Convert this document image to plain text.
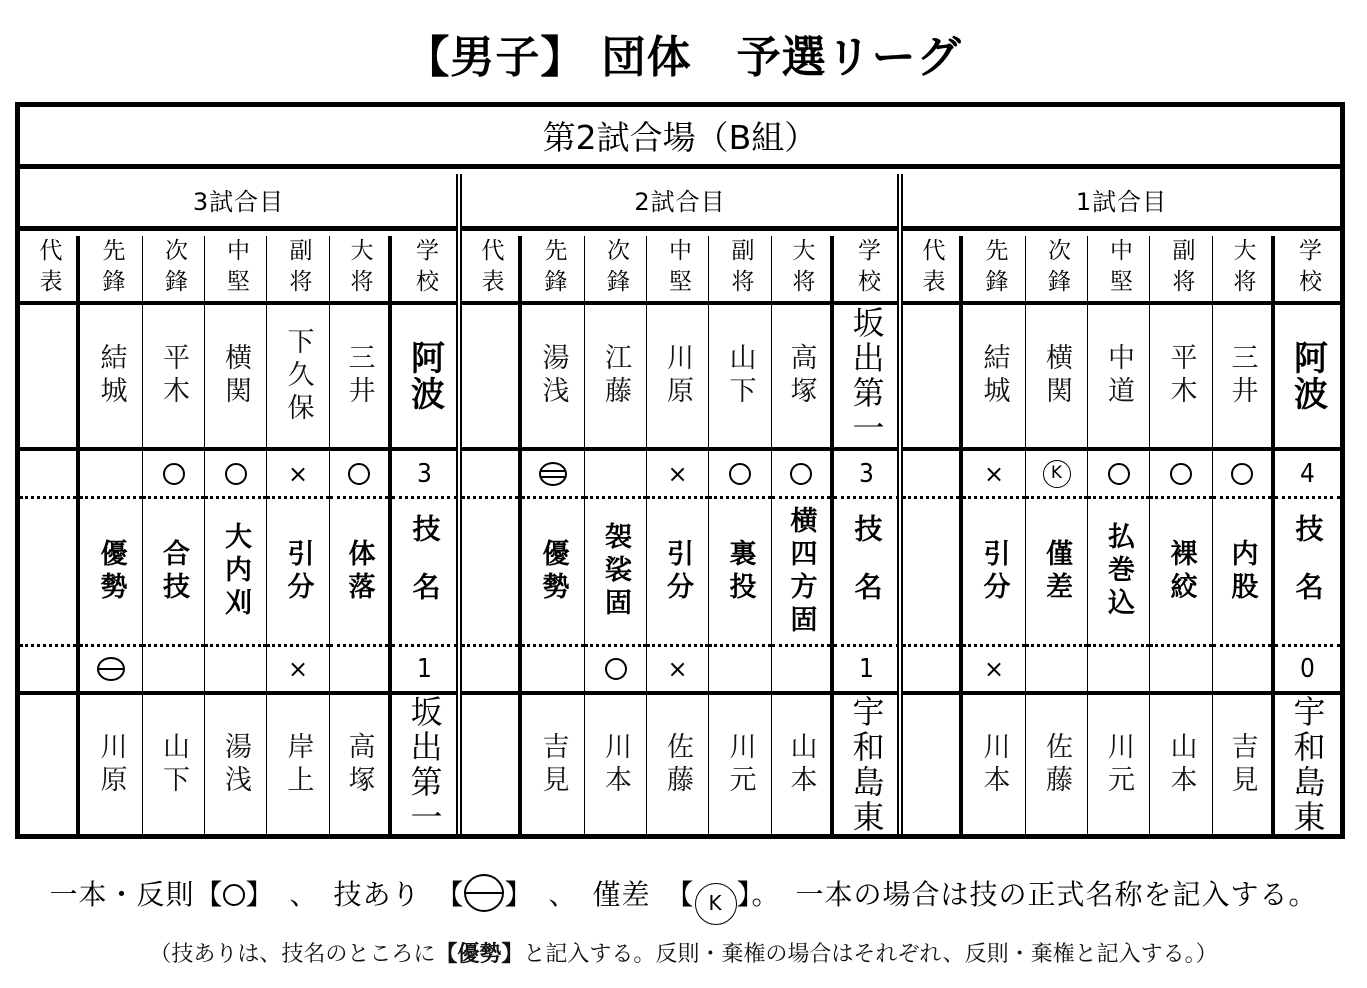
【男子】 団体　予選リーグ
第2試合場（B組）
3試合目
代表 先鋒
結城
優勢
川原
次鋒
平木
合技
山下
中堅
横関
大内刈
湯浅
副将
下久保
×
引分
×
岸上
大将
三井
体落
高塚
学校
阿波
3
技名
1
坂出第一
2試合目
代表 先鋒
湯浅
優勢
吉見
次鋒
江藤
袈裟固
川本
中堅
川原
×
引分
×
佐藤
副将
山下
裏投
川元
大将
高塚
横四方固
山本
学校
坂出第一
3
技名
1
宇和島東
1試合目
代表 先鋒
結城
×
引分
×
川本
次鋒
横関
K
僅差
佐藤
中堅
中道
払巻込
川元
副将
平木
裸絞
山本
大将
三井
内股
吉見
学校
阿波
4
技名
0
宇和島東
一本・反則【 】　、　技あり　【 】　、　僅差　【 K 】。　一本の場合は技の正式名称を記入する。
（技ありは、技名のところに【優勢】と記入する。反則・棄権の場合はそれぞれ、反則・棄権と記入する。）
